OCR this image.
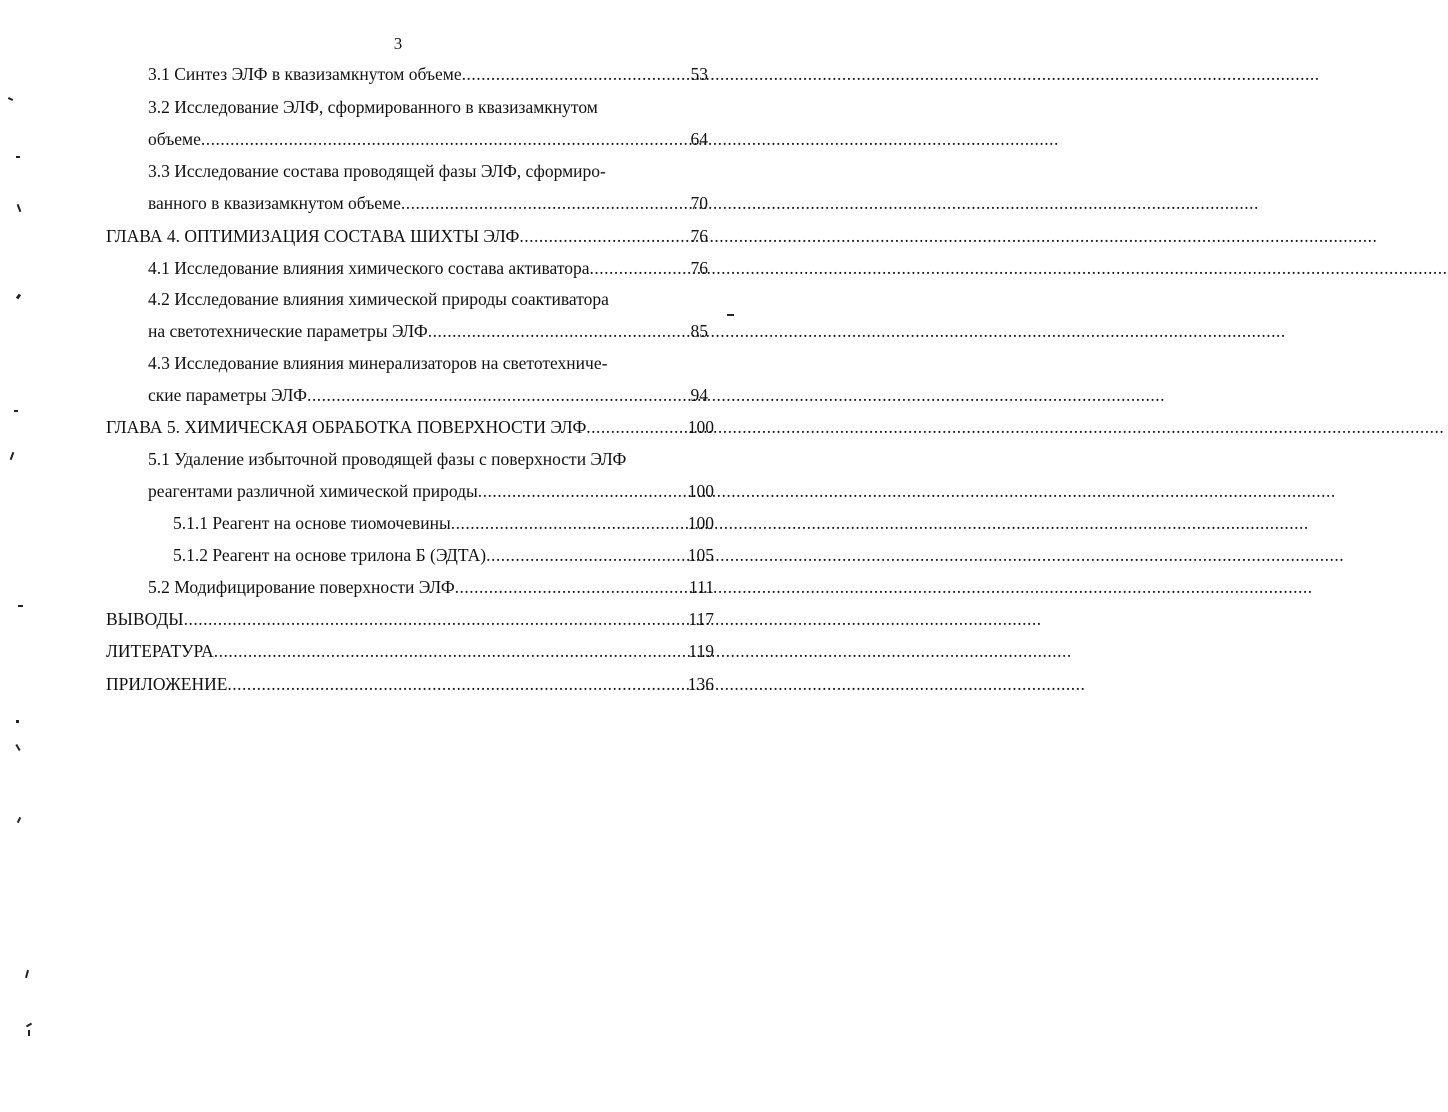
3
3.1 Синтез ЭЛФ в квазизамкнутом объеме .....	53
3.2 Исследование ЭЛФ, сформированного в квазизамкнутом
объеме .....	64
3.3 Исследование состава проводящей фазы ЭЛФ, сформиро-
ванного в квазизамкнутом объеме .....	70
ГЛАВА 4. ОПТИМИЗАЦИЯ СОСТАВА ШИХТЫ ЭЛФ .....	76
4.1 Исследование влияния химического состава активатора .....	76
4.2 Исследование влияния химической природы соактиватора
на светотехнические параметры ЭЛФ .....	85
4.3 Исследование влияния минерализаторов на светотехниче-
ские параметры ЭЛФ .....	94
ГЛАВА 5. ХИМИЧЕСКАЯ ОБРАБОТКА ПОВЕРХНОСТИ ЭЛФ .....	100
5.1 Удаление избыточной проводящей фазы с поверхности ЭЛФ
реагентами различной химической природы .....	100
5.1.1 Реагент на основе тиомочевины .....	100
5.1.2 Реагент на основе трилона Б (ЭДТА) .....	105
5.2 Модифицирование поверхности ЭЛФ .....	111
ВЫВОДЫ .....	117
ЛИТЕРАТУРА .....	119
ПРИЛОЖЕНИЕ .....	136
